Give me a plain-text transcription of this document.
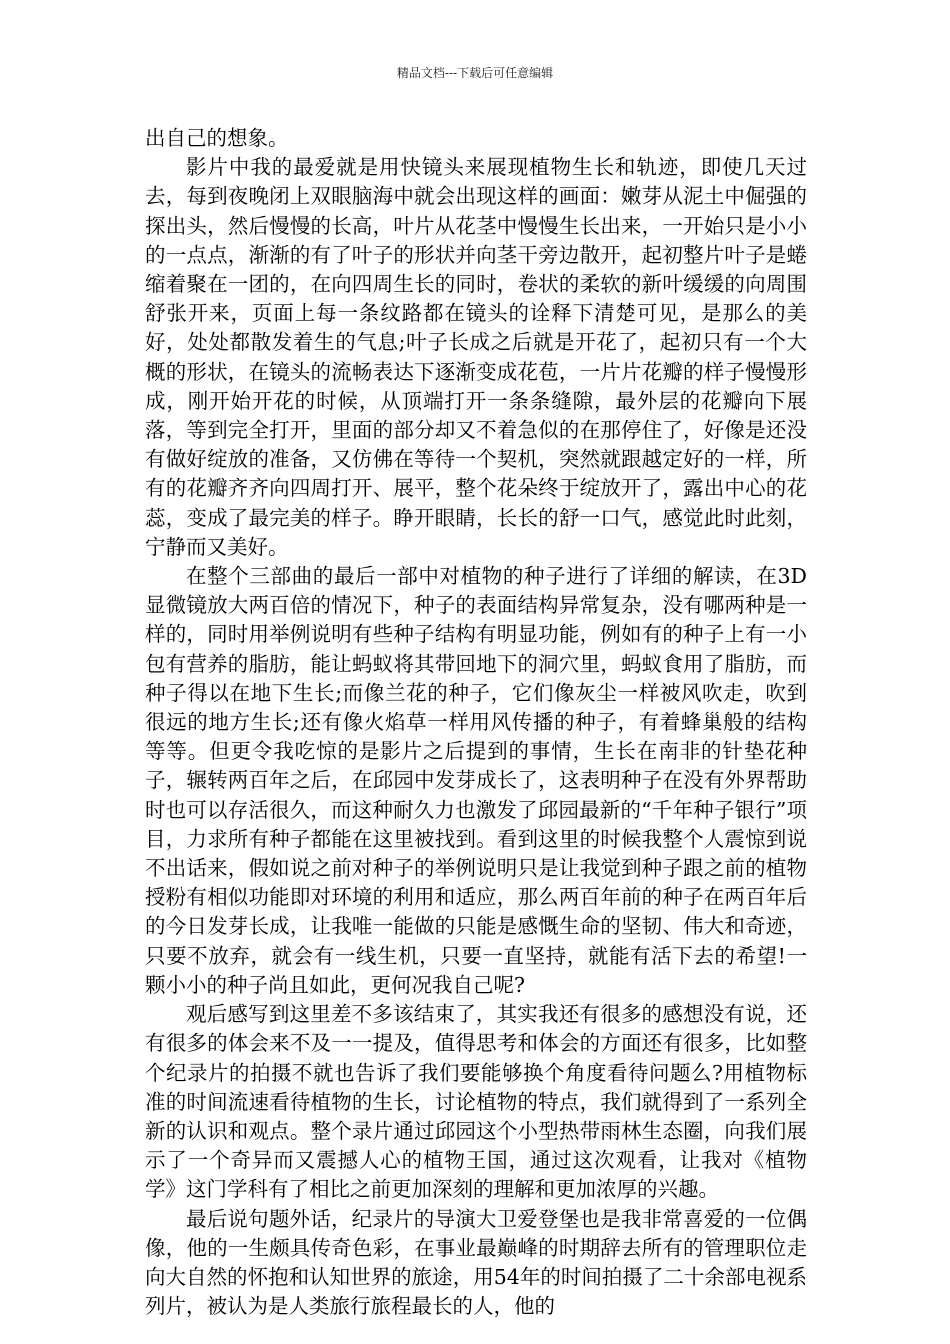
精品文档---下载后可任意编辑

出自己的想象。

影片中我的最爱就是用快镜头来展现植物生长和轨迹，即使几天过去，每到夜晚闭上双眼脑海中就会出现这样的画面：嫩芽从泥土中倔强的探出头，然后慢慢的长高，叶片从花茎中慢慢生长出来，一开始只是小小的一点点，渐渐的有了叶子的形状并向茎干旁边散开，起初整片叶子是蜷缩着聚在一团的，在向四周生长的同时，卷状的柔软的新叶缓缓的向周围舒张开来，页面上每一条纹路都在镜头的诠释下清楚可见，是那么的美好，处处都散发着生的气息;叶子长成之后就是开花了，起初只有一个大概的形状，在镜头的流畅表达下逐渐变成花苞，一片片花瓣的样子慢慢形成，刚开始开花的时候，从顶端打开一条条缝隙，最外层的花瓣向下展落，等到完全打开，里面的部分却又不着急似的在那停住了，好像是还没有做好绽放的准备，又仿佛在等待一个契机，突然就跟越定好的一样，所有的花瓣齐齐向四周打开、展平，整个花朵终于绽放开了，露出中心的花蕊，变成了最完美的样子。睁开眼睛，长长的舒一口气，感觉此时此刻，宁静而又美好。

在整个三部曲的最后一部中对植物的种子进行了详细的解读，在3D显微镜放大两百倍的情况下，种子的表面结构异常复杂，没有哪两种是一样的，同时用举例说明有些种子结构有明显功能，例如有的种子上有一小包有营养的脂肪，能让蚂蚁将其带回地下的洞穴里，蚂蚁食用了脂肪，而种子得以在地下生长;而像兰花的种子，它们像灰尘一样被风吹走，吹到很远的地方生长;还有像火焰草一样用风传播的种子，有着蜂巢般的结构等等。但更令我吃惊的是影片之后提到的事情，生长在南非的针垫花种子，辗转两百年之后，在邱园中发芽成长了，这表明种子在没有外界帮助时也可以存活很久，而这种耐久力也激发了邱园最新的“千年种子银行”项目，力求所有种子都能在这里被找到。看到这里的时候我整个人震惊到说不出话来，假如说之前对种子的举例说明只是让我觉到种子跟之前的植物授粉有相似功能即对环境的利用和适应，那么两百年前的种子在两百年后的今日发芽长成，让我唯一能做的只能是感慨生命的坚韧、伟大和奇迹，只要不放弃，就会有一线生机，只要一直坚持，就能有活下去的希望!一颗小小的种子尚且如此，更何况我自己呢?

观后感写到这里差不多该结束了，其实我还有很多的感想没有说，还有很多的体会来不及一一提及，值得思考和体会的方面还有很多，比如整个纪录片的拍摄不就也告诉了我们要能够换个角度看待问题么?用植物标准的时间流速看待植物的生长，讨论植物的特点，我们就得到了一系列全新的认识和观点。整个录片通过邱园这个小型热带雨林生态圈，向我们展示了一个奇异而又震撼人心的植物王国，通过这次观看，让我对《植物学》这门学科有了相比之前更加深刻的理解和更加浓厚的兴趣。

最后说句题外话，纪录片的导演大卫爱登堡也是我非常喜爱的一位偶像，他的一生颇具传奇色彩，在事业最巅峰的时期辞去所有的管理职位走向大自然的怀抱和认知世界的旅途，用54年的时间拍摄了二十余部电视系列片，被认为是人类旅行旅程最长的人，他的
